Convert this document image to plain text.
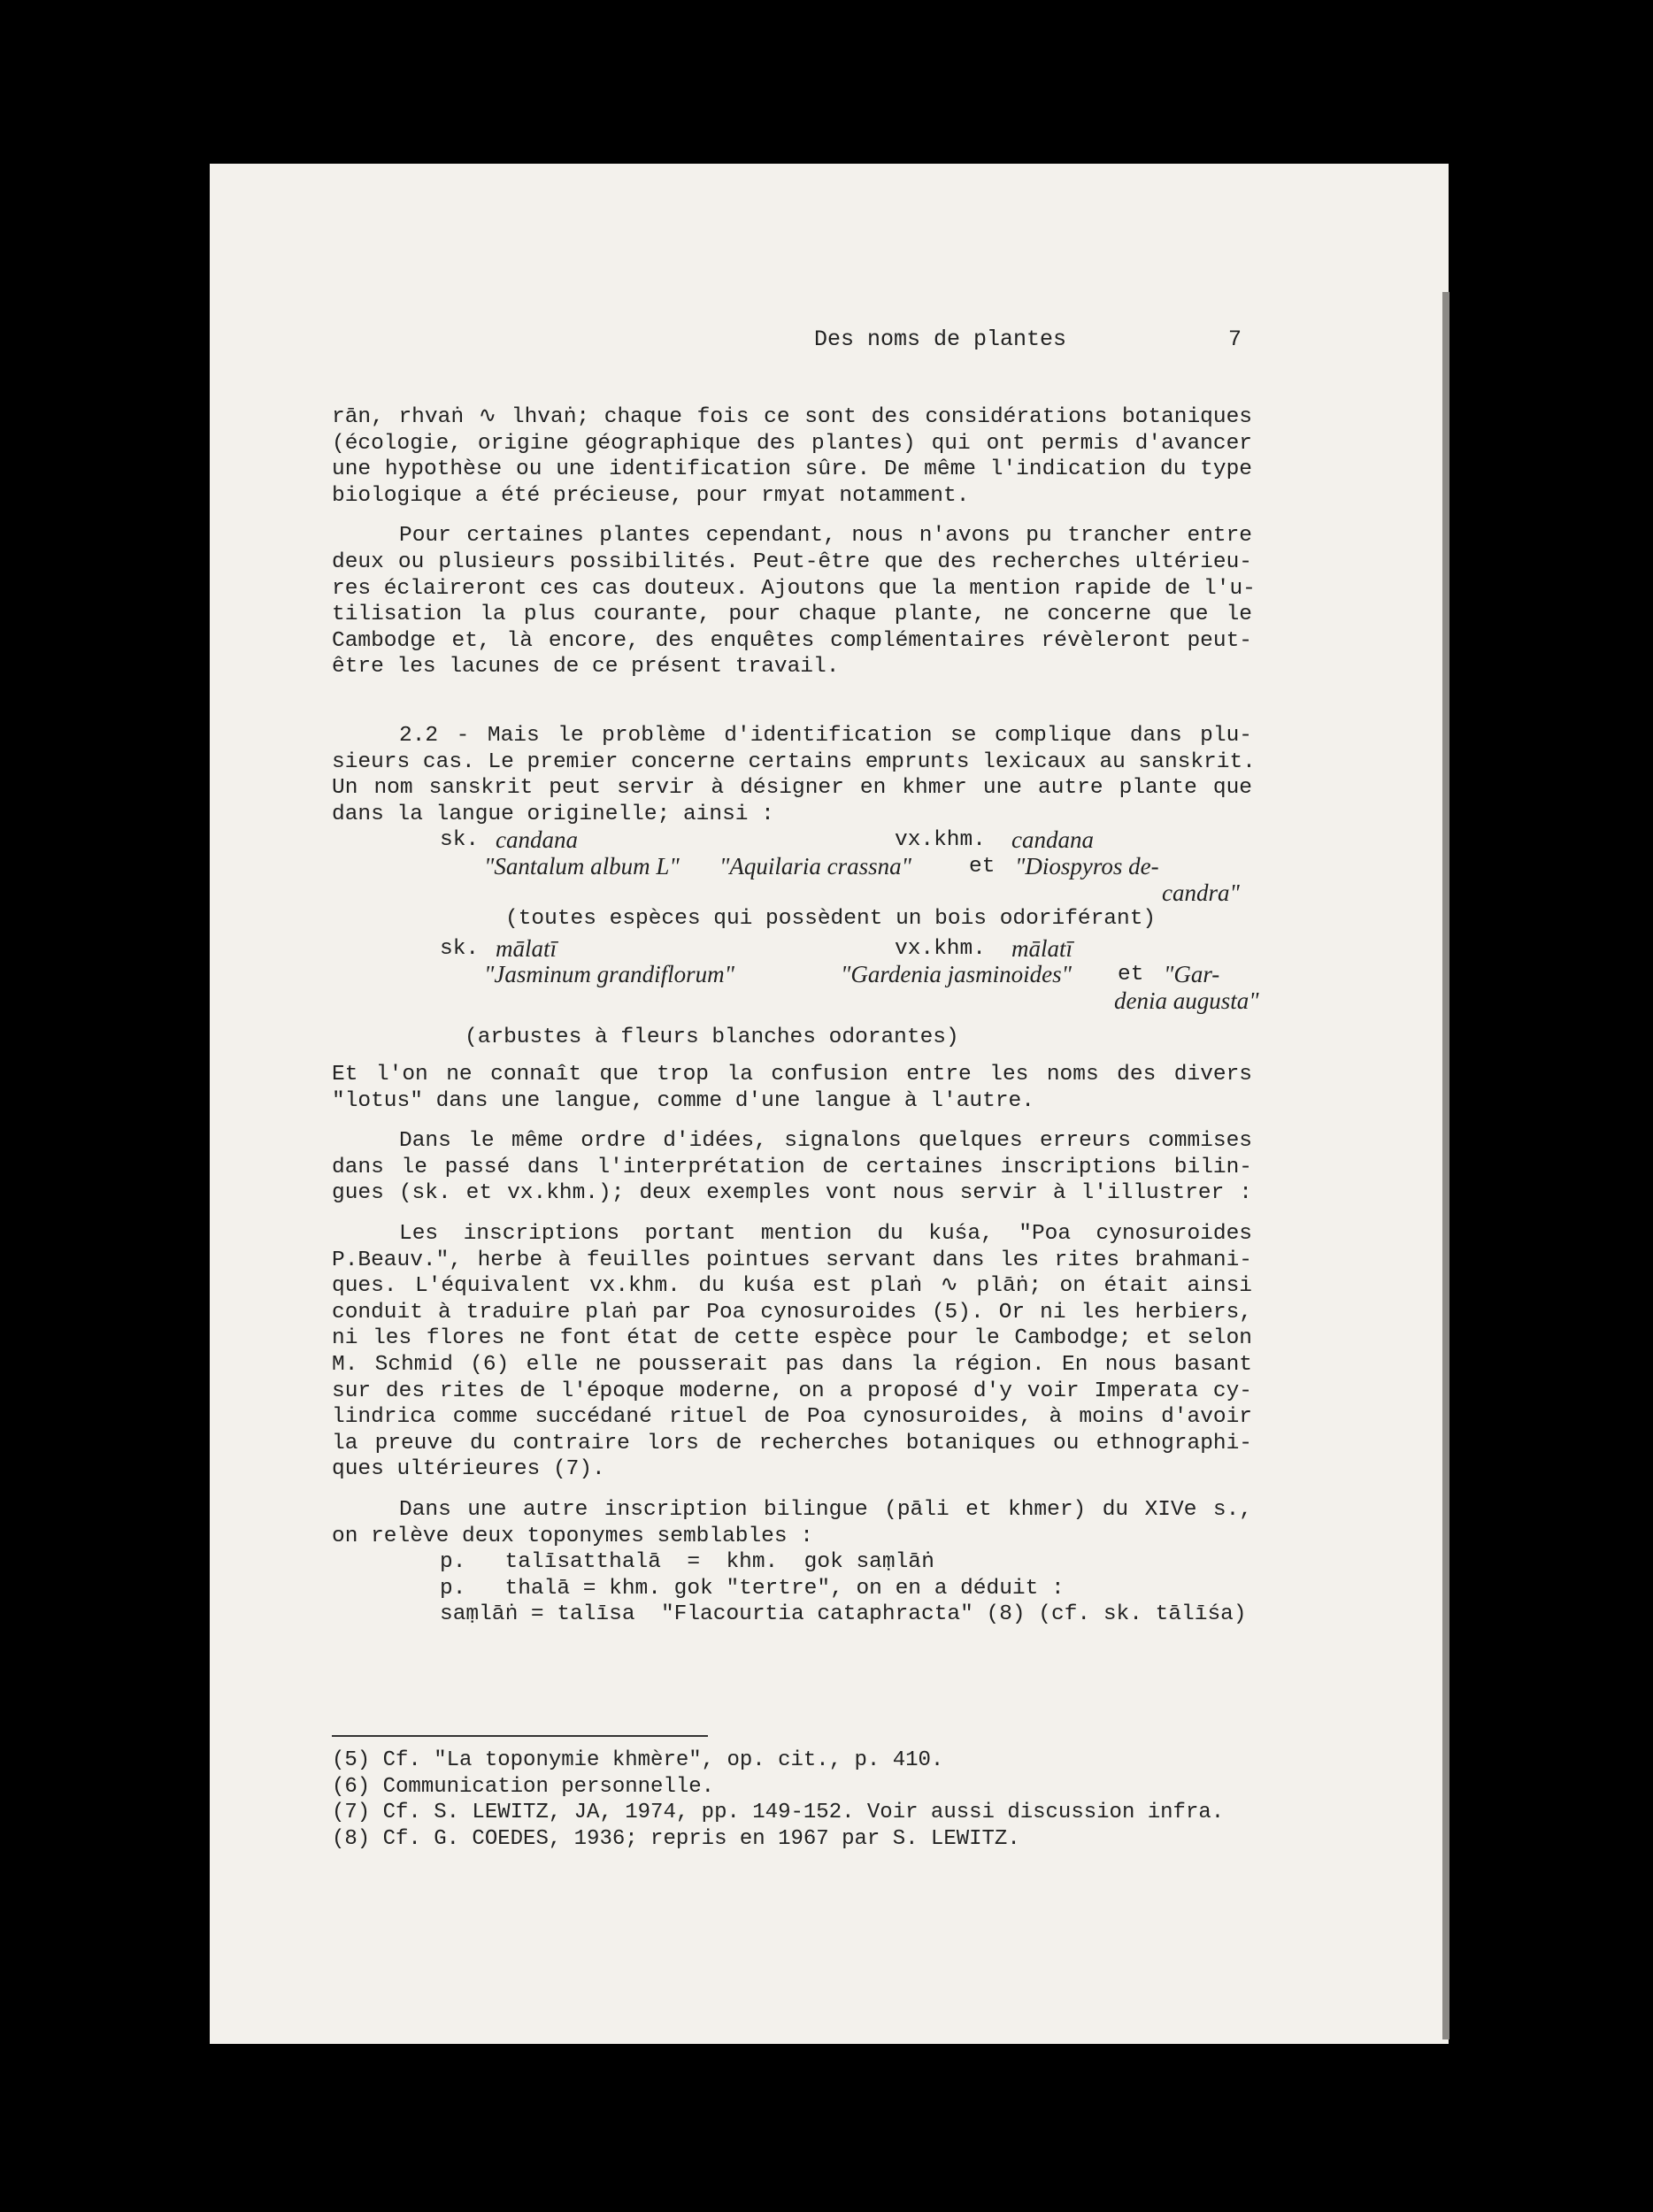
Des noms de plantes	7
rān, rhvaṅ ∿ lhvaṅ; chaque fois ce sont des considérations botaniques
(écologie, origine géographique des plantes) qui ont permis d'avancer
une hypothèse ou une identification sûre. De même l'indication du type
biologique a été précieuse, pour rmyat notamment.
Pour certaines plantes cependant, nous n'avons pu trancher entre
deux ou plusieurs possibilités. Peut-être que des recherches ultérieu-
res éclaireront ces cas douteux. Ajoutons que la mention rapide de l'u-
tilisation la plus courante, pour chaque plante, ne concerne que le
Cambodge et, là encore, des enquêtes complémentaires révèleront peut-
être les lacunes de ce présent travail.
2.2 - Mais le problème d'identification se complique dans plu-
sieurs cas. Le premier concerne certains emprunts lexicaux au sanskrit.
Un nom sanskrit peut servir à désigner en khmer une autre plante que
dans la langue originelle; ainsi :
sk. candana	vx.khm. candana
"Santalum album L" "Aquilaria crassna"	et "Diospyros de-
candra"
(toutes espèces qui possèdent un bois odoriférant)
sk. mālatī	vx.khm. mālatī
"Jasminum grandiflorum"	"Gardenia jasminoides" et "Gar-
denia augusta"
(arbustes à fleurs blanches odorantes)
Et l'on ne connaît que trop la confusion entre les noms des divers
"lotus" dans une langue, comme d'une langue à l'autre.
Dans le même ordre d'idées, signalons quelques erreurs commises
dans le passé dans l'interprétation de certaines inscriptions bilin-
gues (sk. et vx.khm.); deux exemples vont nous servir à l'illustrer :
Les inscriptions portant mention du kuśa, "Poa cynosuroides
P.Beauv.", herbe à feuilles pointues servant dans les rites brahmani-
ques. L'équivalent vx.khm. du kuśa est plaṅ ∿ plāṅ; on était ainsi
conduit à traduire plaṅ par Poa cynosuroides (5). Or ni les herbiers,
ni les flores ne font état de cette espèce pour le Cambodge; et selon
M. Schmid (6) elle ne pousserait pas dans la région. En nous basant
sur des rites de l'époque moderne, on a proposé d'y voir Imperata cy-
lindrica comme succédané rituel de Poa cynosuroides, à moins d'avoir
la preuve du contraire lors de recherches botaniques ou ethnographi-
ques ultérieures (7).
Dans une autre inscription bilingue (pāli et khmer) du XIVe s.,
on relève deux toponymes semblables :
p.   talīsatthalā  =  khm.  gok saṃlāṅ
p.   thalā = khm. gok "tertre", on en a déduit :
saṃlāṅ = talīsa  "Flacourtia cataphracta" (8) (cf. sk. tālīśa)
(5) Cf. "La toponymie khmère", op. cit., p. 410.
(6) Communication personnelle.
(7) Cf. S. LEWITZ, JA, 1974, pp. 149-152. Voir aussi discussion infra.
(8) Cf. G. COEDES, 1936; repris en 1967 par S. LEWITZ.
